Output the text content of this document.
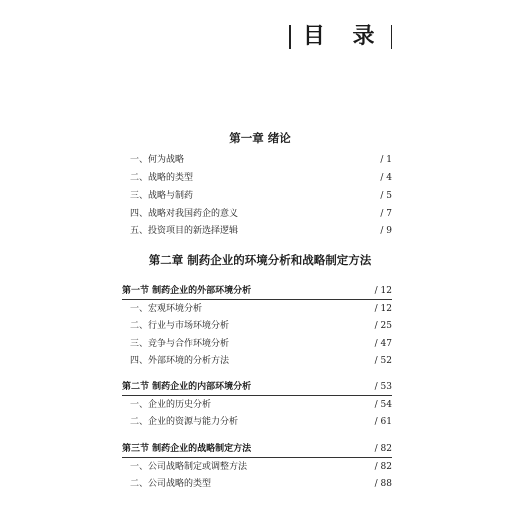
目 录
第一章 绪论
一、何为战略	/ 1
二、战略的类型	/ 4
三、战略与制药	/ 5
四、战略对我国药企的意义	/ 7
五、投资项目的新选择逻辑	/ 9
第二章 制药企业的环境分析和战略制定方法
第一节 制药企业的外部环境分析	/ 12
一、宏观环境分析	/ 12
二、行业与市场环境分析	/ 25
三、竞争与合作环境分析	/ 47
四、外部环境的分析方法	/ 52
第二节 制药企业的内部环境分析	/ 53
一、企业的历史分析	/ 54
二、企业的资源与能力分析	/ 61
第三节 制药企业的战略制定方法	/ 82
一、公司战略制定或调整方法	/ 82
二、公司战略的类型	/ 88
